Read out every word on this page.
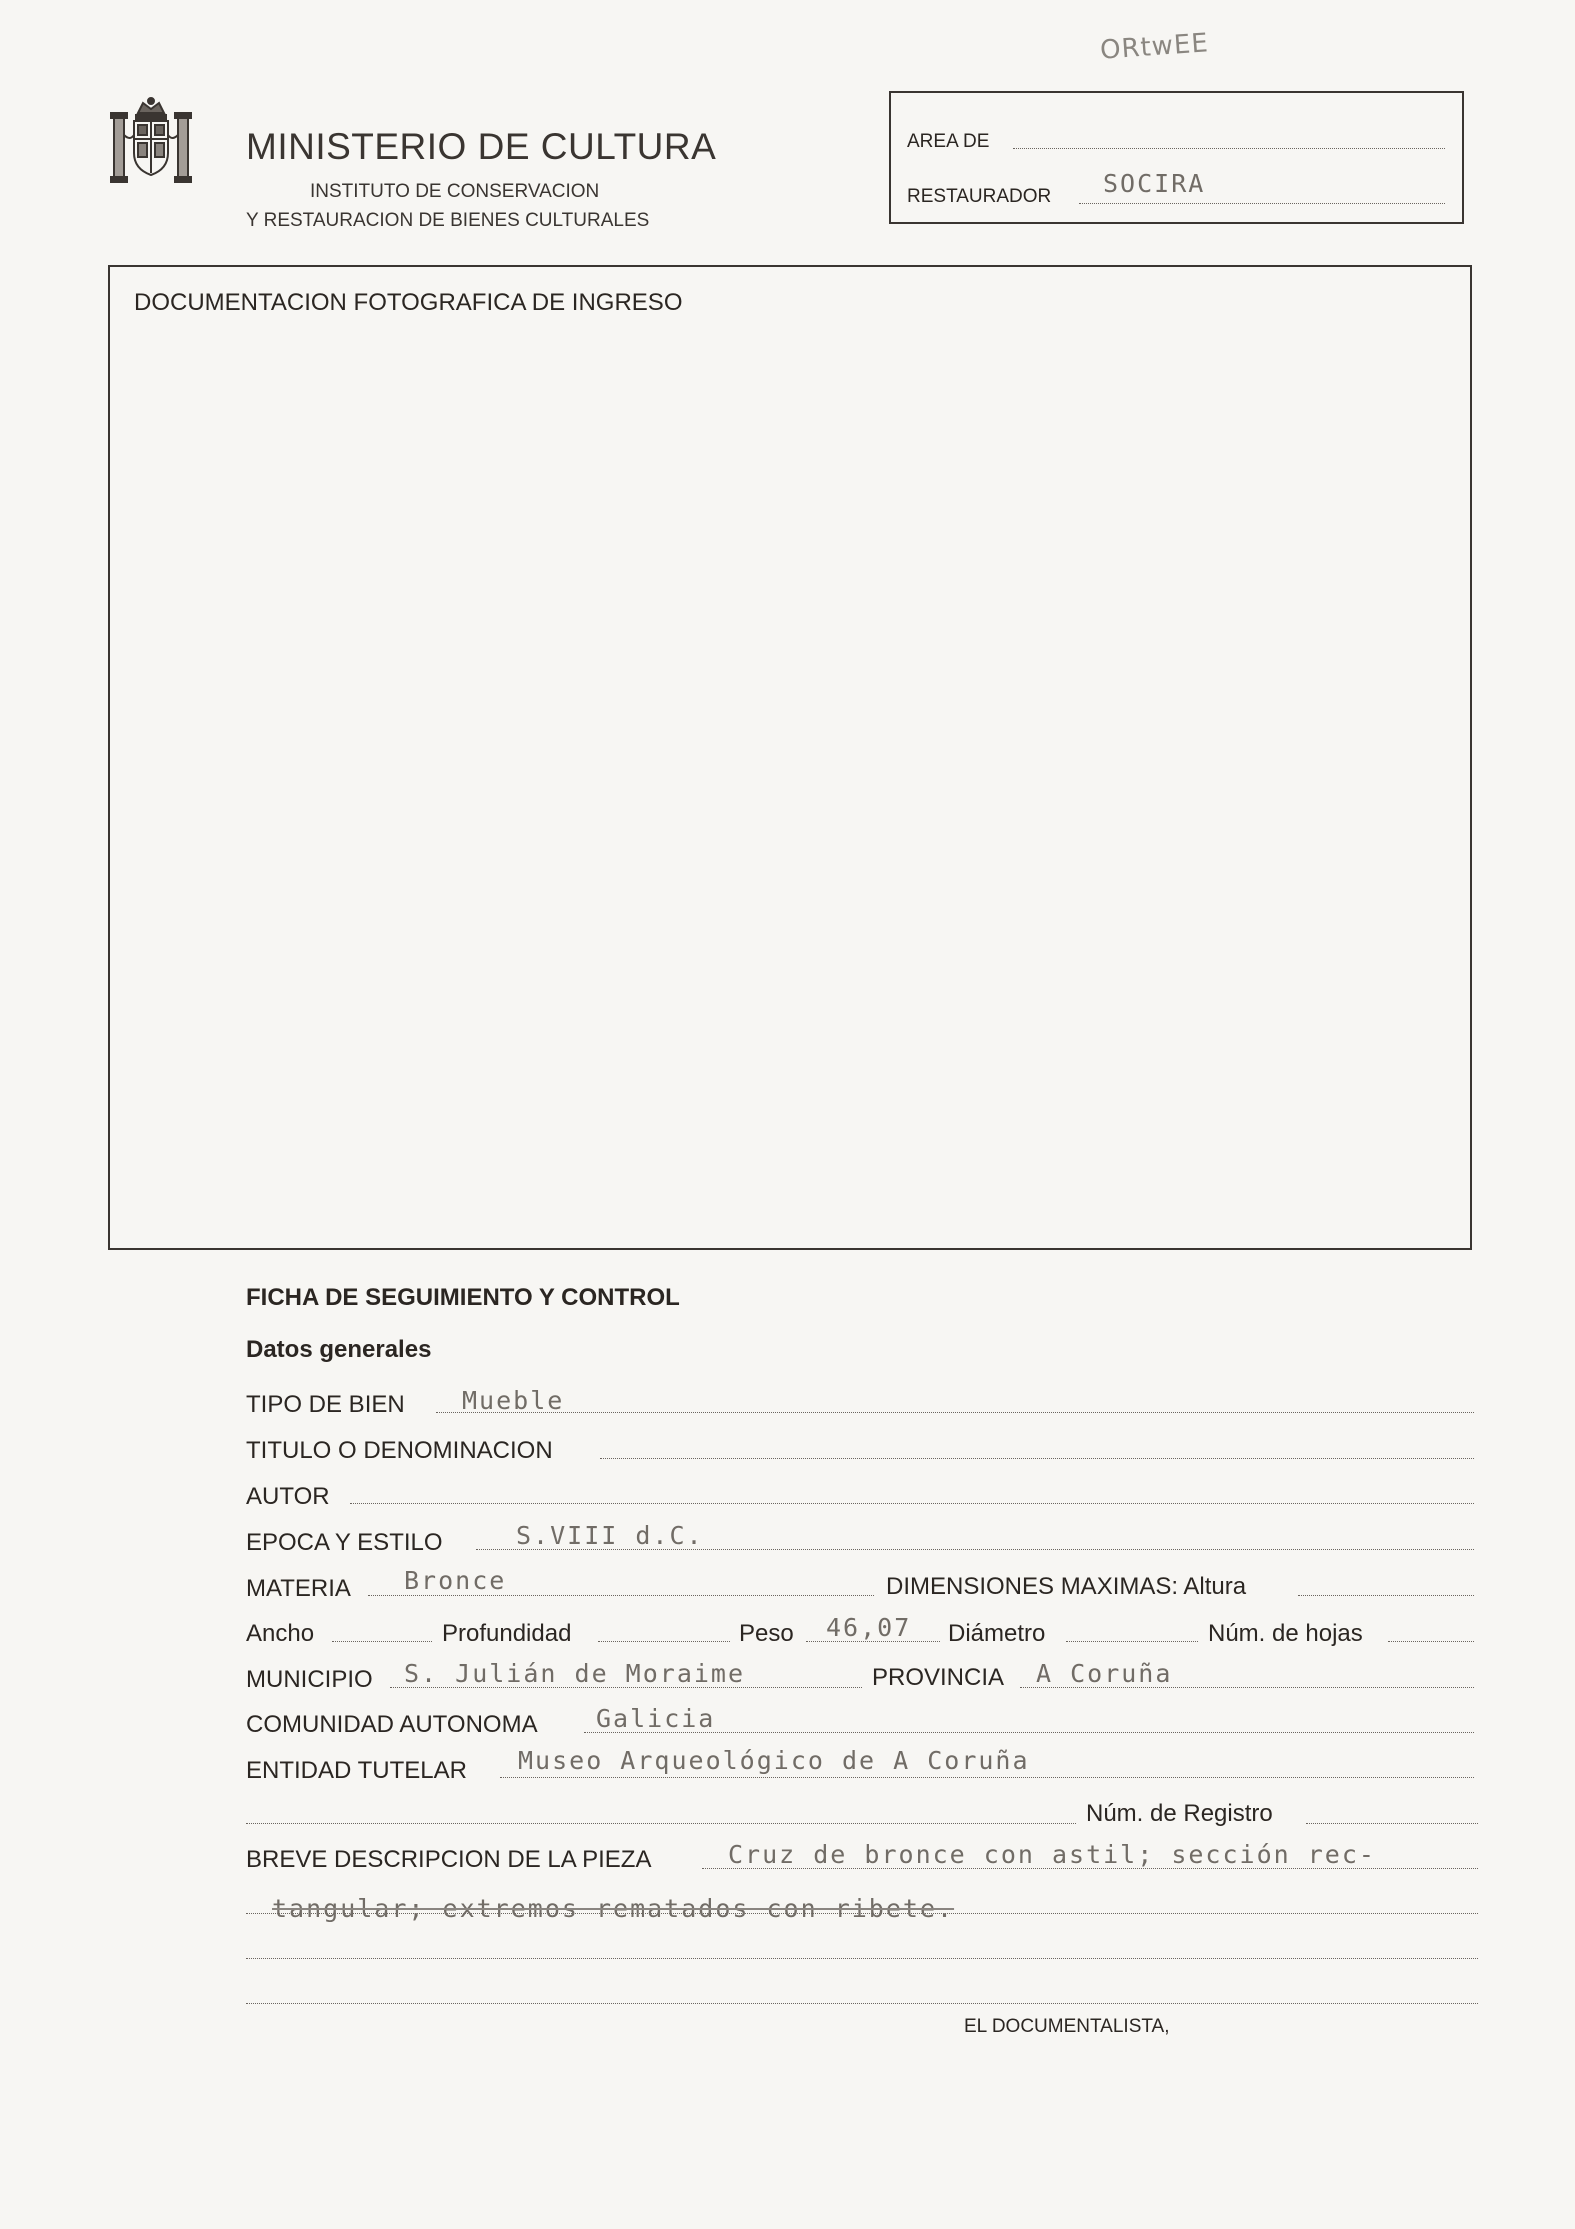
ORtwEE
MINISTERIO DE CULTURA
INSTITUTO DE CONSERVACION
Y RESTAURACION DE BIENES CULTURALES
AREA DE
RESTAURADOR SOCIRA
DOCUMENTACION FOTOGRAFICA DE INGRESO
FICHA DE SEGUIMIENTO Y CONTROL
Datos generales
TIPO DE BIEN Mueble
TITULO O DENOMINACION
AUTOR
EPOCA Y ESTILO	S.VIII d.C.
MATERIA Bronce	DIMENSIONES MAXIMAS: Altura
Ancho	Profundidad	Peso 46,07 Diámetro	Núm. de hojas
MUNICIPIO S. Julián de Moraime	PROVINCIA A Coruña
COMUNIDAD AUTONOMA Galicia
ENTIDAD TUTELAR Museo Arqueológico de A Coruña
Núm. de Registro
BREVE DESCRIPCION DE LA PIEZA	Cruz de bronce con astil; sección rec-
tangular; extremos rematados con ribete.
EL DOCUMENTALISTA,
